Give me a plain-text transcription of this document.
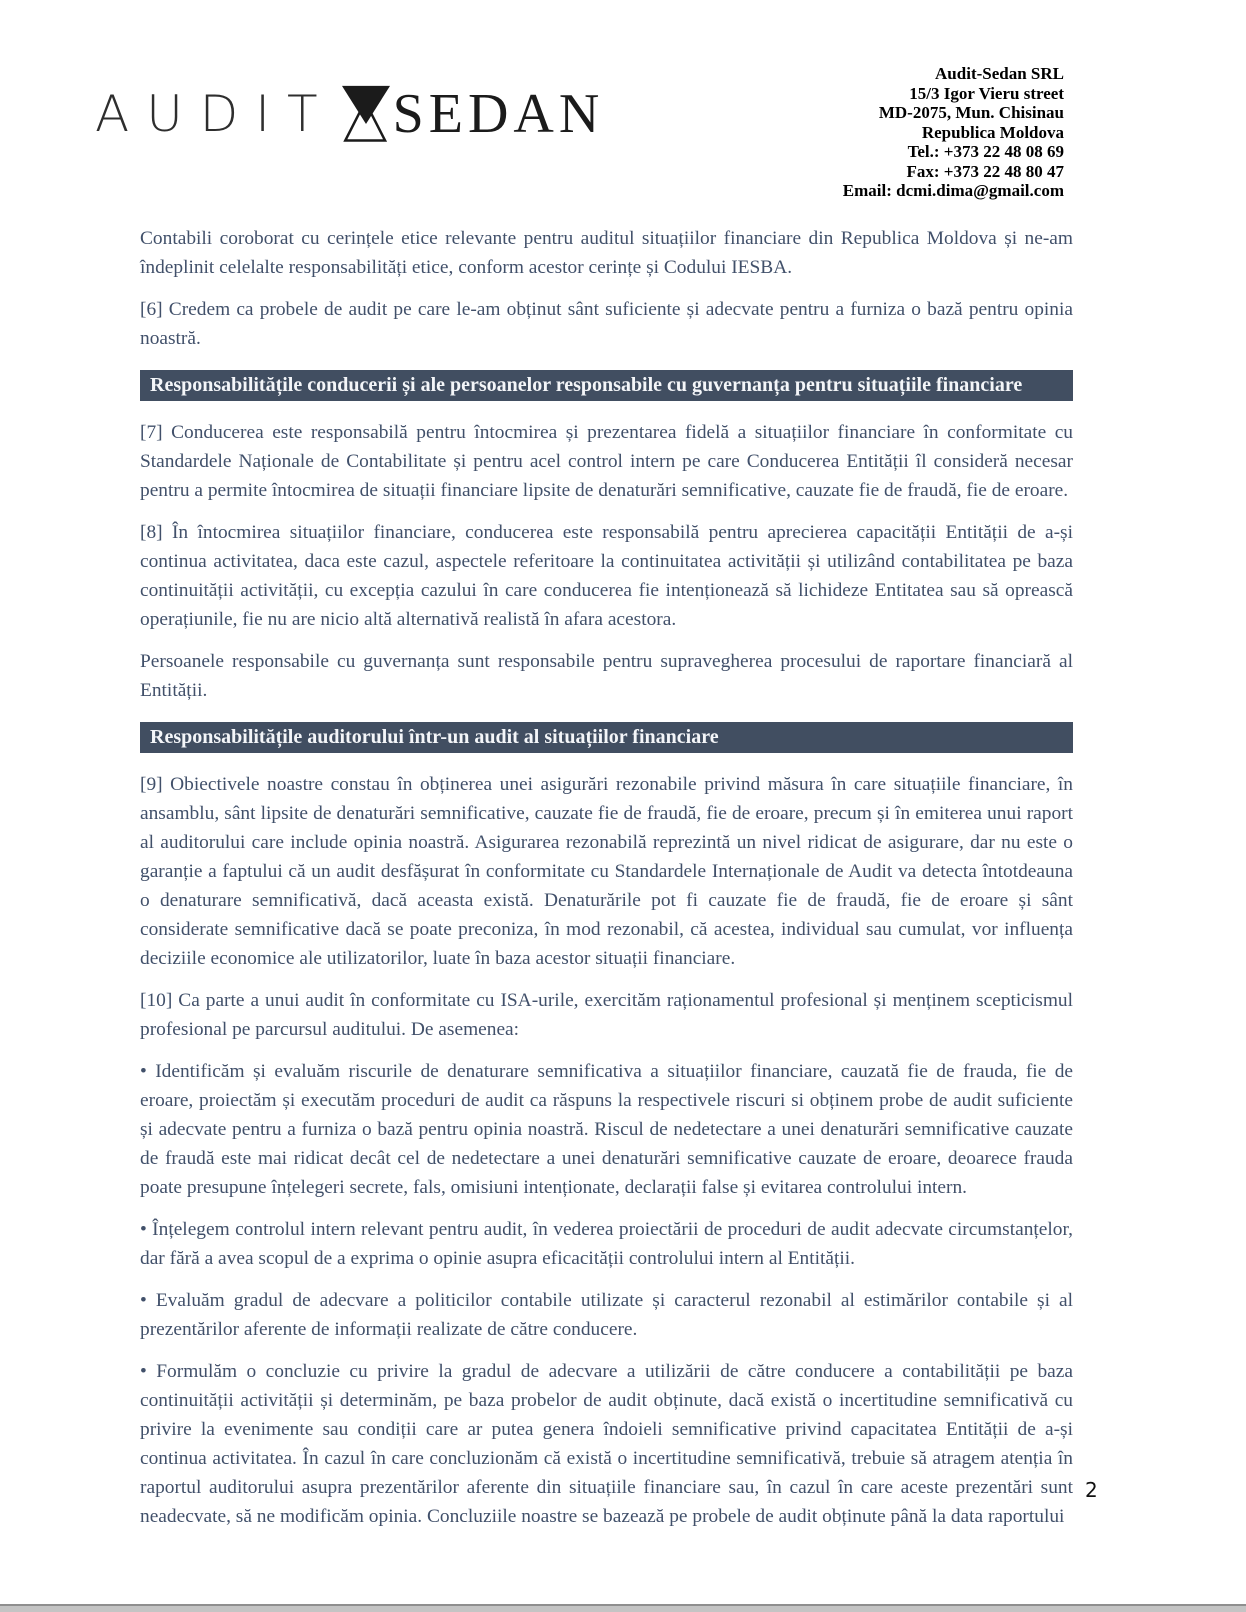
AUDIT SEDAN
Audit-Sedan SRL
15/3 Igor Vieru street
MD-2075, Mun. Chisinau
Republica Moldova
Tel.: +373 22 48 08 69
Fax: +373 22 48 80 47
Email: dcmi.dima@gmail.com
Contabili coroborat cu cerințele etice relevante pentru auditul situațiilor financiare din Republica Moldova și ne-am îndeplinit celelalte responsabilități etice, conform acestor cerințe și Codului IESBA.
[6] Credem ca probele de audit pe care le-am obținut sânt suficiente și adecvate pentru a furniza o bază pentru opinia noastră.
Responsabilitățile conducerii și ale persoanelor responsabile cu guvernanța pentru situațiile financiare
[7] Conducerea este responsabilă pentru întocmirea și prezentarea fidelă a situațiilor financiare în conformitate cu Standardele Naționale de Contabilitate și pentru acel control intern pe care Conducerea Entității îl consideră necesar pentru a permite întocmirea de situații financiare lipsite de denaturări semnificative, cauzate fie de fraudă, fie de eroare.
[8] În întocmirea situațiilor financiare, conducerea este responsabilă pentru aprecierea capacității Entității de a-și continua activitatea, daca este cazul, aspectele referitoare la continuitatea activității și utilizând contabilitatea pe baza continuității activității, cu excepția cazului în care conducerea fie intenționează să lichideze Entitatea sau să oprească operațiunile, fie nu are nicio altă alternativă realistă în afara acestora.
Persoanele responsabile cu guvernanța sunt responsabile pentru supravegherea procesului de raportare financiară al Entității.
Responsabilitățile auditorului într-un audit al situațiilor financiare
[9] Obiectivele noastre constau în obținerea unei asigurări rezonabile privind măsura în care situațiile financiare, în ansamblu, sânt lipsite de denaturări semnificative, cauzate fie de fraudă, fie de eroare, precum și în emiterea unui raport al auditorului care include opinia noastră. Asigurarea rezonabilă reprezintă un nivel ridicat de asigurare, dar nu este o garanție a faptului că un audit desfășurat în conformitate cu Standardele Internaționale de Audit va detecta întotdeauna o denaturare semnificativă, dacă aceasta există. Denaturările pot fi cauzate fie de fraudă, fie de eroare și sânt considerate semnificative dacă se poate preconiza, în mod rezonabil, că acestea, individual sau cumulat, vor influența deciziile economice ale utilizatorilor, luate în baza acestor situații financiare.
[10] Ca parte a unui audit în conformitate cu ISA-urile, exercităm raționamentul profesional și menținem scepticismul profesional pe parcursul auditului. De asemenea:
• Identificăm și evaluăm riscurile de denaturare semnificativa a situațiilor financiare, cauzată fie de frauda, fie de eroare, proiectăm și executăm proceduri de audit ca răspuns la respectivele riscuri si obținem probe de audit suficiente și adecvate pentru a furniza o bază pentru opinia noastră. Riscul de nedetectare a unei denaturări semnificative cauzate de fraudă este mai ridicat decât cel de nedetectare a unei denaturări semnificative cauzate de eroare, deoarece frauda poate presupune înțelegeri secrete, fals, omisiuni intenționate, declarații false și evitarea controlului intern.
• Înțelegem controlul intern relevant pentru audit, în vederea proiectării de proceduri de audit adecvate circumstanțelor, dar fără a avea scopul de a exprima o opinie asupra eficacității controlului intern al Entității.
• Evaluăm gradul de adecvare a politicilor contabile utilizate și caracterul rezonabil al estimărilor contabile și al prezentărilor aferente de informații realizate de către conducere.
• Formulăm o concluzie cu privire la gradul de adecvare a utilizării de către conducere a contabilității pe baza continuității activității și determinăm, pe baza probelor de audit obținute, dacă există o incertitudine semnificativă cu privire la evenimente sau condiții care ar putea genera îndoieli semnificative privind capacitatea Entității de a-și continua activitatea. În cazul în care concluzionăm că există o incertitudine semnificativă, trebuie să atragem atenția în raportul auditorului asupra prezentărilor aferente din situațiile financiare sau, în cazul în care aceste prezentări sunt neadecvate, să ne modificăm opinia. Concluziile noastre se bazează pe probele de audit obținute până la data raportului
2
